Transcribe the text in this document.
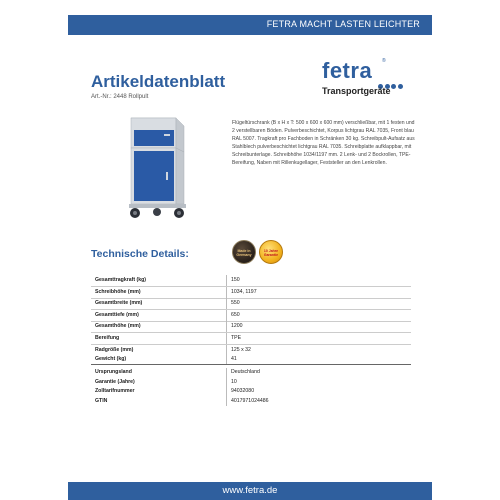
FETRA MACHT LASTEN LEICHTER
Artikeldatenblatt
Art.-Nr.: 2448 Rollpult
fetra ®
Transportgeräte

Flügeltürschrank (B x H x T: 500 x 600 x 600 mm) verschließbar, mit 1 festen und 2 verstellbaren Böden. Pulverbeschichtet, Korpus lichtgrau RAL 7035, Front blau RAL 5007. Tragkraft pro Fachboden in Schränken 30 kg. Schreibpult-Aufsatz aus Stahlblech pulverbeschichtet lichtgrau RAL 7035. Schreibplatte aufklappbar, mit Schreibunterlage. Schreibhöhe 1034/1197 mm. 2 Lenk- und 2 Bockrollen, TPE-Bereifung, Naben mit Rillenkugellager, Feststeller an den Lenkrollen.

Technische Details:	Made in Germany
10 Jahre Garantie
Gesamttragkraft (kg)	150
Schreibhöhe (mm)	1034, 1197
Gesamtbreite (mm)	550
Gesamttiefe (mm)	650
Gesamthöhe (mm)	1200
Bereifung	TPE
Radgröße (mm)	125 x 32
Gewicht (kg)	41
Ursprungsland	Deutschland
Garantie (Jahre)	10
Zolltarifnummer	94032080
GTIN	4017971024486
www.fetra.de
